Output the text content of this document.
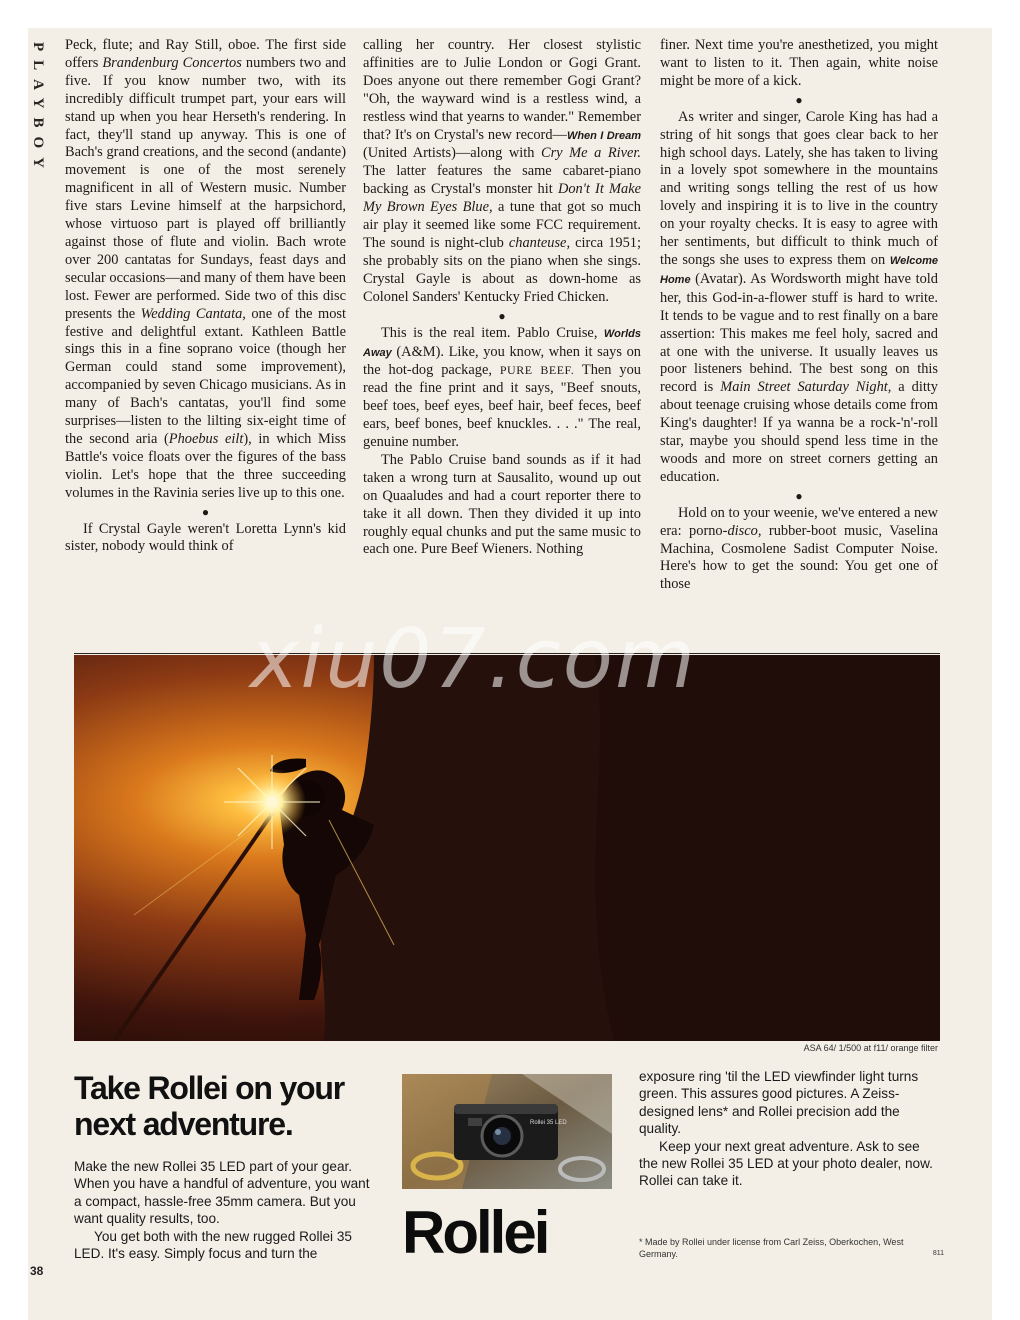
PLAYBOY Peck, flute; and Ray Still, oboe. The first side offers Brandenburg Concertos numbers two and five. If you know number two, with its incredibly difficult trumpet part, your ears will stand up when you hear Herseth's rendering. In fact, they'll stand up anyway. This is one of Bach's grand creations, and the second (andante) movement is one of the most serenely magnificent in all of Western music. Number five stars Levine himself at the harpsichord, whose virtuoso part is played off brilliantly against those of flute and violin. Bach wrote over 200 cantatas for Sundays, feast days and secular occasions—and many of them have been lost. Fewer are performed. Side two of this disc presents the Wedding Cantata, one of the most festive and delightful extant. Kathleen Battle sings this in a fine soprano voice (though her German could stand some improvement), accompanied by seven Chicago musicians. As in many of Bach's cantatas, you'll find some surprises—listen to the lilting six-eight time of the second aria (Phoebus eilt), in which Miss Battle's voice floats over the figures of the bass violin. Let's hope that the three succeeding volumes in the Ravinia series live up to this one.

●

If Crystal Gayle weren't Loretta Lynn's kid sister, nobody would think of

calling her country. Her closest stylistic affinities are to Julie London or Gogi Grant. Does anyone out there remember Gogi Grant? "Oh, the wayward wind is a restless wind, a restless wind that yearns to wander." Remember that? It's on Crystal's new record—When I Dream (United Artists)—along with Cry Me a River. The latter features the same cabaret-piano backing as Crystal's monster hit Don't It Make My Brown Eyes Blue, a tune that got so much air play it seemed like some FCC requirement. The sound is night-club chanteuse, circa 1951; she probably sits on the piano when she sings. Crystal Gayle is about as down-home as Colonel Sanders' Kentucky Fried Chicken.

●

This is the real item. Pablo Cruise, Worlds Away (A&M). Like, you know, when it says on the hot-dog package, PURE BEEF. Then you read the fine print and it says, "Beef snouts, beef toes, beef eyes, beef hair, beef feces, beef ears, beef bones, beef knuckles. . . ." The real, genuine number.

The Pablo Cruise band sounds as if it had taken a wrong turn at Sausalito, wound up out on Quaaludes and had a court reporter there to take it all down. Then they divided it up into roughly equal chunks and put the same music to each one. Pure Beef Wieners. Nothing

finer. Next time you're anesthetized, you might want to listen to it. Then again, white noise might be more of a kick.

●

As writer and singer, Carole King has had a string of hit songs that goes clear back to her high school days. Lately, she has taken to living in a lovely spot somewhere in the mountains and writing songs telling the rest of us how lovely and inspiring it is to live in the country on your royalty checks. It is easy to agree with her sentiments, but difficult to think much of the songs she uses to express them on Welcome Home (Avatar). As Wordsworth might have told her, this God-in-a-flower stuff is hard to write. It tends to be vague and to rest finally on a bare assertion: This makes me feel holy, sacred and at one with the universe. It usually leaves us poor listeners behind. The best song on this record is Main Street Saturday Night, a ditty about teenage cruising whose details come from King's daughter! If ya wanna be a rock-'n'-roll star, maybe you should spend less time in the woods and more on street corners getting an education.

●

Hold on to your weenie, we've entered a new era: porno-disco, rubber-boot music, Vaselina Machina, Cosmolene Sadist Computer Noise. Here's how to get the sound: You get one of those

ASA 64/ 1/500 at f11/ orange filter
Take Rollei on your
next adventure.

Make the new Rollei 35 LED part of your gear. When you have a handful of adventure, you want a compact, hassle-free 35mm camera. But you want quality results, too.

You get both with the new rugged Rollei 35 LED. It's easy. Simply focus and turn the

Rollei 35 LED
Rollei

exposure ring 'til the LED viewfinder light turns green. This assures good pictures. A Zeiss-designed lens* and Rollei precision add the quality.

Keep your next great adventure. Ask to see the new Rollei 35 LED at your photo dealer, now. Rollei can take it.

* Made by Rollei under license from Carl Zeiss, Oberkochen, West Germany.	811
38
xiu07.com
